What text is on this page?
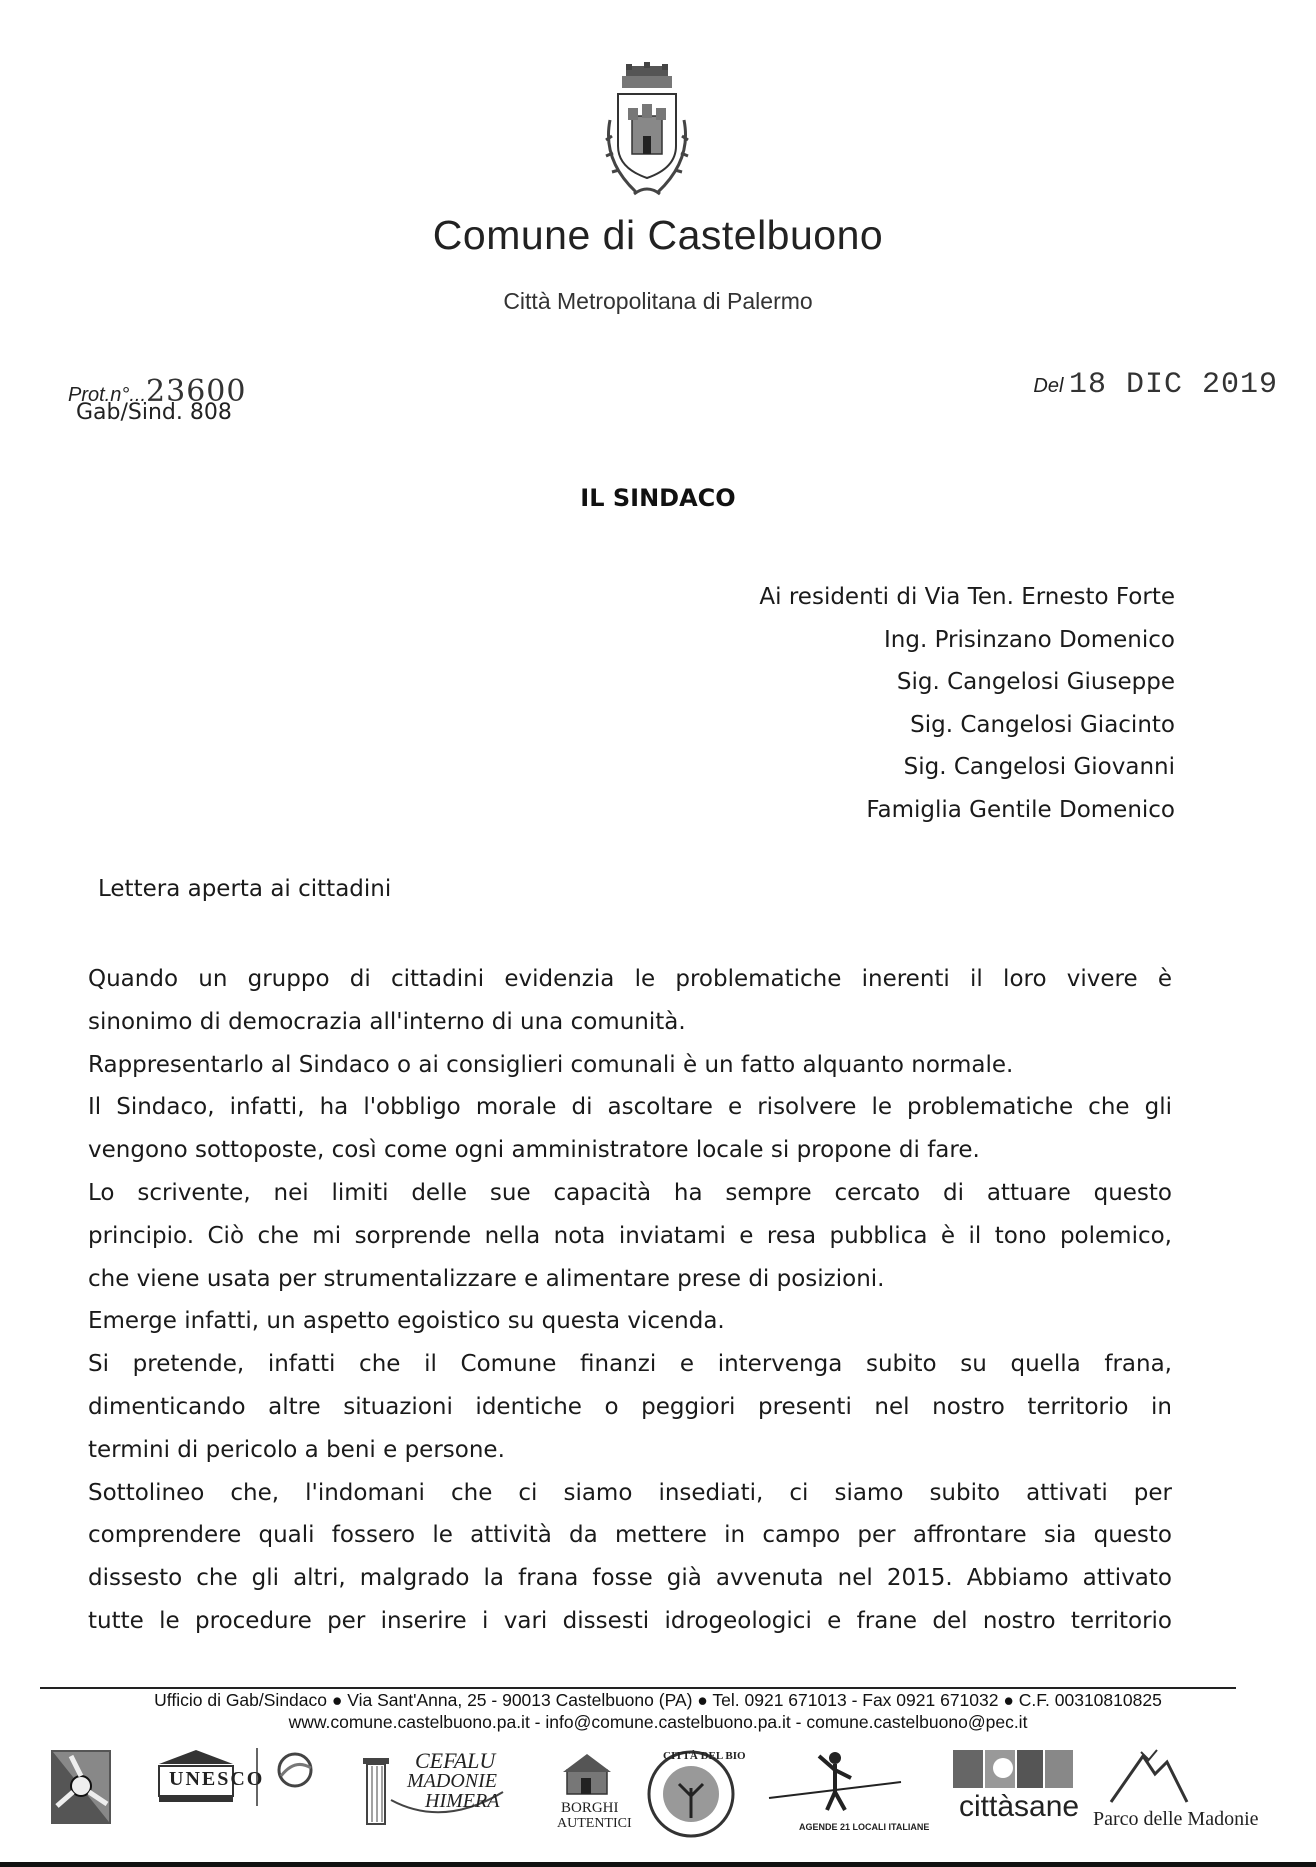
Comune di Castelbuono
Città Metropolitana di Palermo
Prot.n°...23600
Gab/Sind. 808
Del 18 DIC 2019
IL SINDACO
Ai residenti di Via Ten. Ernesto Forte
Ing. Prisinzano Domenico
Sig. Cangelosi Giuseppe
Sig. Cangelosi Giacinto
Sig. Cangelosi Giovanni
Famiglia Gentile Domenico
Lettera aperta ai cittadini
Quando un gruppo di cittadini evidenzia le problematiche inerenti il loro vivere è
sinonimo di democrazia all'interno di una comunità.
Rappresentarlo al Sindaco o ai consiglieri comunali è un fatto alquanto normale.
Il Sindaco, infatti, ha l'obbligo morale di ascoltare e risolvere le problematiche che gli
vengono sottoposte, così come ogni amministratore locale si propone di fare.
Lo scrivente, nei limiti delle sue capacità ha sempre cercato di attuare questo
principio. Ciò che mi sorprende nella nota inviatami e resa pubblica è il tono polemico,
che viene usata per strumentalizzare e alimentare prese di posizioni.
Emerge infatti, un aspetto egoistico su questa vicenda.
Si pretende, infatti che il Comune finanzi e intervenga subito su quella frana,
dimenticando altre situazioni identiche o peggiori presenti nel nostro territorio in
termini di pericolo a beni e persone.
Sottolineo che, l'indomani che ci siamo insediati, ci siamo subito attivati per
comprendere quali fossero le attività da mettere in campo per affrontare sia questo
dissesto che gli altri, malgrado la frana fosse già avvenuta nel 2015. Abbiamo attivato
tutte le procedure per inserire i vari dissesti idrogeologici e frane del nostro territorio
Ufficio di Gab/Sindaco ● Via Sant'Anna, 25 - 90013 Castelbuono (PA) ● Tel. 0921 671013 - Fax 0921 671032 ● C.F. 00310810825
www.comune.castelbuono.pa.it - info@comune.castelbuono.pa.it - comune.castelbuono@pec.it
UNESCO
CEFALU
MADONIE
HIMERA	BORGHI
AUTENTICI
CITTÀ DEL BIO
AGENDE 21 LOCALI ITALIANE
cittàsane Parco delle Madonie
